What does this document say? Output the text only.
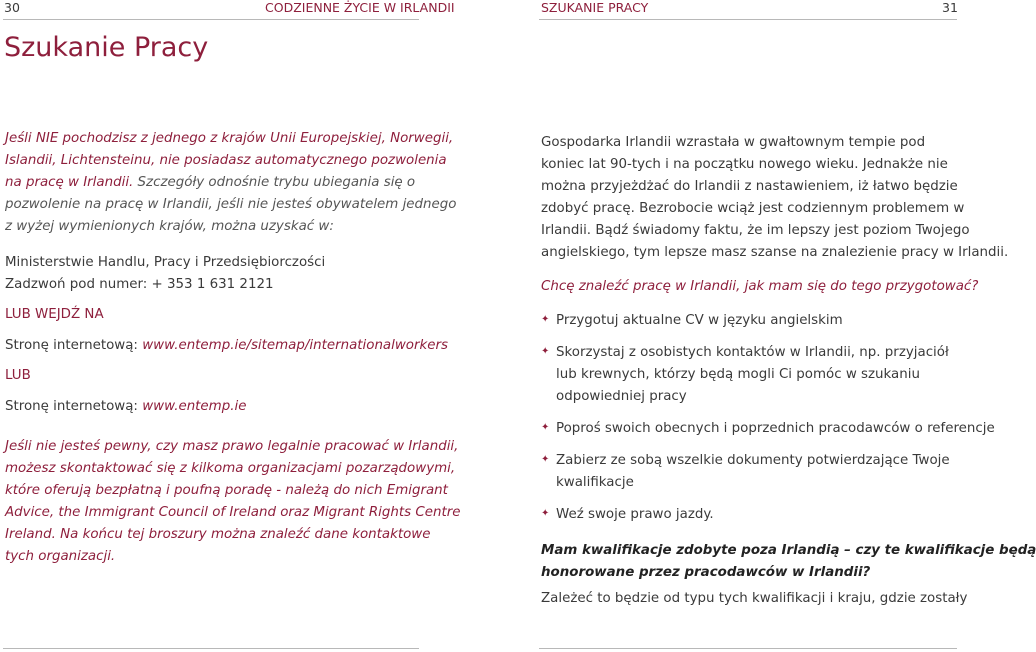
30	CODZIENNE ŻYCIE W IRLANDII	SZUKANIE PRACY	31
Szukanie Pracy
Jeśli NIE pochodzisz z jednego z krajów Unii Europejskiej, Norwegii,
Islandii, Lichtensteinu, nie posiadasz automatycznego pozwolenia
na pracę w Irlandii. Szczegóły odnośnie trybu ubiegania się o
pozwolenie na pracę w Irlandii, jeśli nie jesteś obywatelem jednego
z wyżej wymienionych krajów, można uzyskać w:
Ministerstwie Handlu, Pracy i Przedsiębiorczości
Zadzwoń pod numer: + 353 1 631 2121
LUB WEJDŹ NA
Stronę internetową: www.entemp.ie/sitemap/internationalworkers
LUB
Stronę internetową: www.entemp.ie
Jeśli nie jesteś pewny, czy masz prawo legalnie pracować w Irlandii,
możesz skontaktować się z kilkoma organizacjami pozarządowymi,
które oferują bezpłatną i poufną poradę - należą do nich Emigrant
Advice, the Immigrant Council of Ireland oraz Migrant Rights Centre
Ireland. Na końcu tej broszury można znaleźć dane kontaktowe
tych organizacji.
Gospodarka Irlandii wzrastała w gwałtownym tempie pod
koniec lat 90-tych i na początku nowego wieku. Jednakże nie
można przyjeżdżać do Irlandii z nastawieniem, iż łatwo będzie
zdobyć pracę. Bezrobocie wciąż jest codziennym problemem w
Irlandii. Bądź świadomy faktu, że im lepszy jest poziom Twojego
angielskiego, tym lepsze masz szanse na znalezienie pracy w Irlandii.
Chcę znaleźć pracę w Irlandii, jak mam się do tego przygotować?
✦ Przygotuj aktualne CV w języku angielskim
✦ Skorzystaj z osobistych kontaktów w Irlandii, np. przyjaciół
lub krewnych, którzy będą mogli Ci pomóc w szukaniu
odpowiedniej pracy
✦ Poproś swoich obecnych i poprzednich pracodawców o referencje
✦ Zabierz ze sobą wszelkie dokumenty potwierdzające Twoje
kwalifikacje
✦ Weź swoje prawo jazdy.
Mam kwalifikacje zdobyte poza Irlandią – czy te kwalifikacje będą
honorowane przez pracodawców w Irlandii?
Zależeć to będzie od typu tych kwalifikacji i kraju, gdzie zostały
